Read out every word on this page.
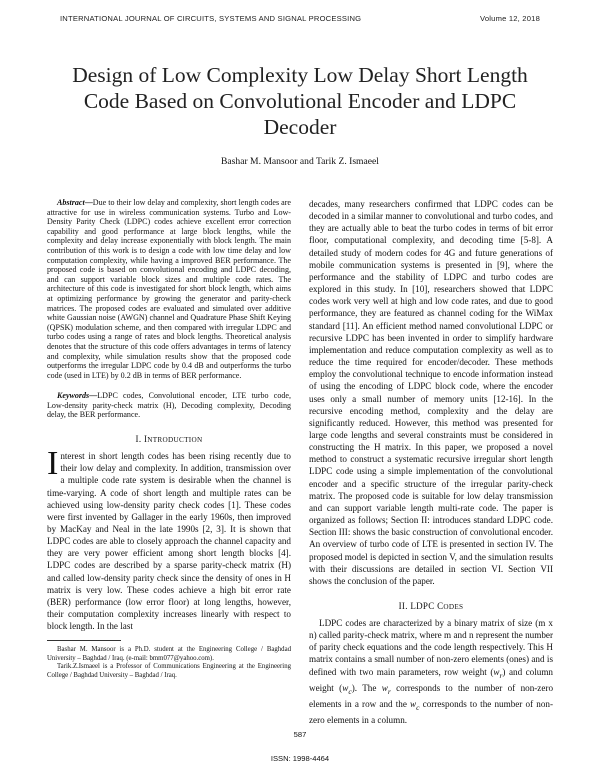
INTERNATIONAL JOURNAL OF CIRCUITS, SYSTEMS AND SIGNAL PROCESSING	Volume 12, 2018
Design of Low Complexity Low Delay Short Length Code Based on Convolutional Encoder and LDPC Decoder
Bashar M. Mansoor and Tarik Z. Ismaeel

Abstract—Due to their low delay and complexity, short length codes are attractive for use in wireless communication systems. Turbo and Low-Density Parity Check (LDPC) codes achieve excellent error correction capability and good performance at large block lengths, while the complexity and delay increase exponentially with block length. The main contribution of this work is to design a code with low time delay and low computation complexity, while having a improved BER performance. The proposed code is based on convolutional encoding and LDPC decoding, and can support variable block sizes and multiple code rates. The architecture of this code is investigated for short block length, which aims at optimizing performance by growing the generator and parity-check matrices. The proposed codes are evaluated and simulated over additive white Gaussian noise (AWGN) channel and Quadrature Phase Shift Keying (QPSK) modulation scheme, and then compared with irregular LDPC and turbo codes using a range of rates and block lengths. Theoretical analysis denotes that the structure of this code offers advantages in terms of latency and complexity, while simulation results show that the proposed code outperforms the irregular LDPC code by 0.4 dB and outperforms the turbo code (used in LTE) by 0.2 dB in terms of BER performance.

Keywords—LDPC codes, Convolutional encoder, LTE turbo code, Low-density parity-check matrix (H), Decoding complexity, Decoding delay, the BER performance.

I. INTRODUCTION

Interest in short length codes has been rising recently due to their low delay and complexity. In addition, transmission over a multiple code rate system is desirable when the channel is time-varying. A code of short length and multiple rates can be achieved using low-density parity check codes [1]. These codes were first invented by Gallager in the early 1960s, then improved by MacKay and Neal in the late 1990s [2, 3]. It is shown that LDPC codes are able to closely approach the channel capacity and they are very power efficient among short length blocks [4]. LDPC codes are described by a sparse parity-check matrix (H) and called low-density parity check since the density of ones in H matrix is very low. These codes achieve a high bit error rate (BER) performance (low error floor) at long lengths, however, their computation complexity increases linearly with respect to block length. In the last

Bashar M. Mansoor is a Ph.D. student at the Engineering College / Baghdad University – Baghdad / Iraq. (e-mail: bmm077@yahoo.com).

Tarik.Z.Ismaeel is a Professor of Communications Engineering at the Engineering College / Baghdad University – Baghdad / Iraq.

decades, many researchers confirmed that LDPC codes can be decoded in a similar manner to convolutional and turbo codes, and they are actually able to beat the turbo codes in terms of bit error floor, computational complexity, and decoding time [5-8]. A detailed study of modern codes for 4G and future generations of mobile communication systems is presented in [9], where the performance and the stability of LDPC and turbo codes are explored in this study. In [10], researchers showed that LDPC codes work very well at high and low code rates, and due to good performance, they are featured as channel coding for the WiMax standard [11]. An efficient method named convolutional LDPC or recursive LDPC has been invented in order to simplify hardware implementation and reduce computation complexity as well as to reduce the time required for encoder/decoder. These methods employ the convolutional technique to encode information instead of using the encoding of LDPC block code, where the encoder uses only a small number of memory units [12-16]. In the recursive encoding method, complexity and the delay are significantly reduced. However, this method was presented for large code lengths and several constraints must be considered in constructing the H matrix. In this paper, we proposed a novel method to construct a systematic recursive irregular short length LDPC code using a simple implementation of the convolutional encoder and a specific structure of the irregular parity-check matrix. The proposed code is suitable for low delay transmission and can support variable length multi-rate code. The paper is organized as follows; Section II: introduces standard LDPC code. Section III: shows the basic construction of convolutional encoder. An overview of turbo code of LTE is presented in section IV. The proposed model is depicted in section V, and the simulation results with their discussions are detailed in section VI. Section VII shows the conclusion of the paper.

II. LDPC CODES

LDPC codes are characterized by a binary matrix of size (m x n) called parity-check matrix, where m and n represent the number of parity check equations and the code length respectively. This H matrix contains a small number of non-zero elements (ones) and is defined with two main parameters, row weight $(w_r)$ and column weight $(w_c)$. The $w_r$ corresponds to the number of non-zero elements in a row and the $w_c$ corresponds to the number of non-zero elements in a column.

587
ISSN: 1998-4464
